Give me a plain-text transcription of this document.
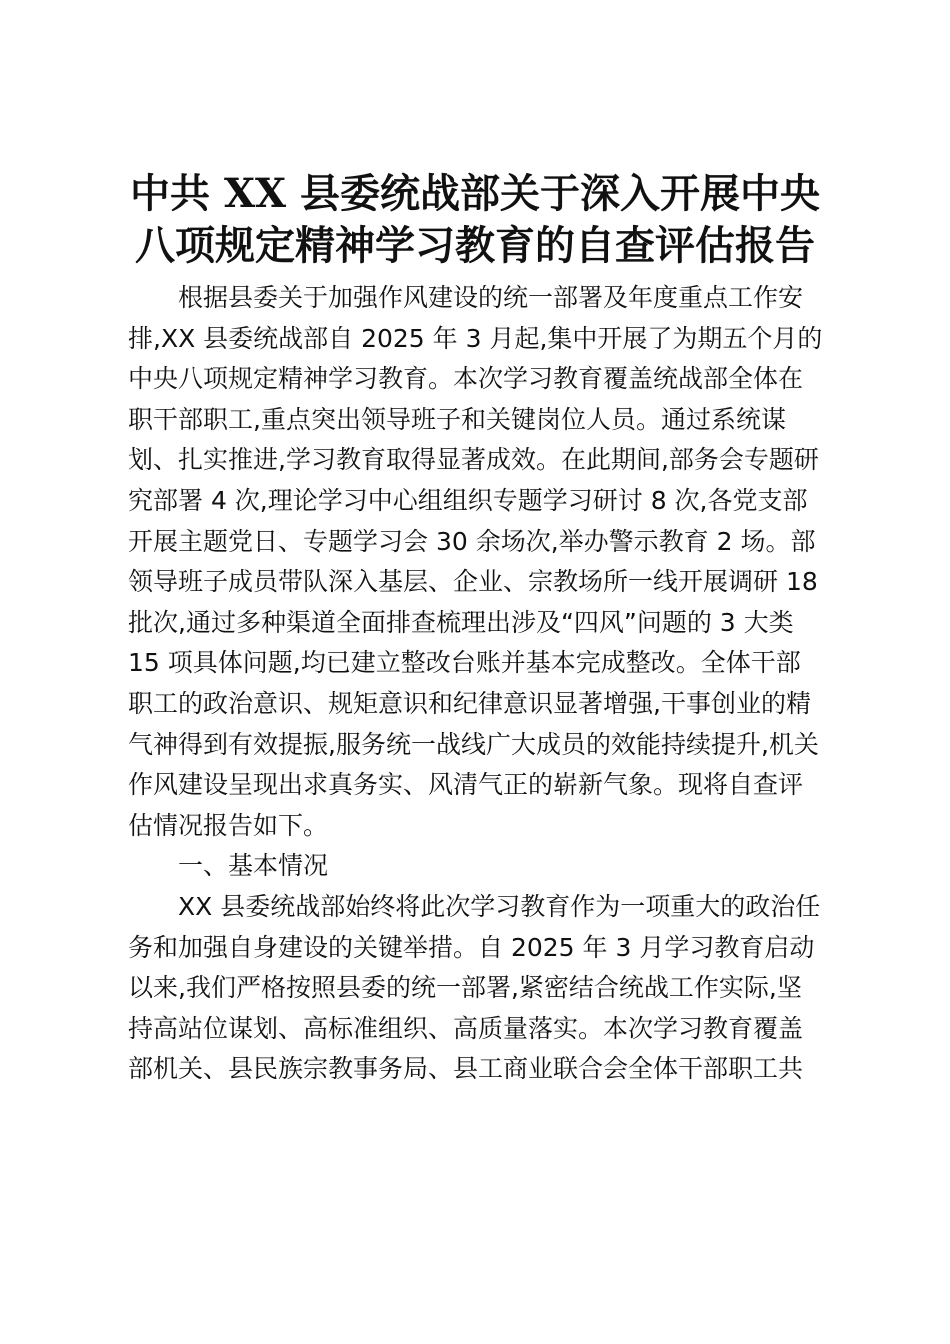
中共 XX 县委统战部关于深入开展中央
八项规定精神学习教育的自查评估报告
根据县委关于加强作风建设的统一部署及年度重点工作安
排,XX 县委统战部自 2025 年 3 月起,集中开展了为期五个月的
中央八项规定精神学习教育。本次学习教育覆盖统战部全体在
职干部职工,重点突出领导班子和关键岗位人员。通过系统谋
划、扎实推进,学习教育取得显著成效。在此期间,部务会专题研
究部署 4 次,理论学习中心组组织专题学习研讨 8 次,各党支部
开展主题党日、专题学习会 30 余场次,举办警示教育 2 场。部
领导班子成员带队深入基层、企业、宗教场所一线开展调研 18
批次,通过多种渠道全面排查梳理出涉及“四风”问题的 3 大类
15 项具体问题,均已建立整改台账并基本完成整改。全体干部
职工的政治意识、规矩意识和纪律意识显著增强,干事创业的精
气神得到有效提振,服务统一战线广大成员的效能持续提升,机关
作风建设呈现出求真务实、风清气正的崭新气象。现将自查评
估情况报告如下。
一、基本情况
XX 县委统战部始终将此次学习教育作为一项重大的政治任
务和加强自身建设的关键举措。自 2025 年 3 月学习教育启动
以来,我们严格按照县委的统一部署,紧密结合统战工作实际,坚
持高站位谋划、高标准组织、高质量落实。本次学习教育覆盖
部机关、县民族宗教事务局、县工商业联合会全体干部职工共
